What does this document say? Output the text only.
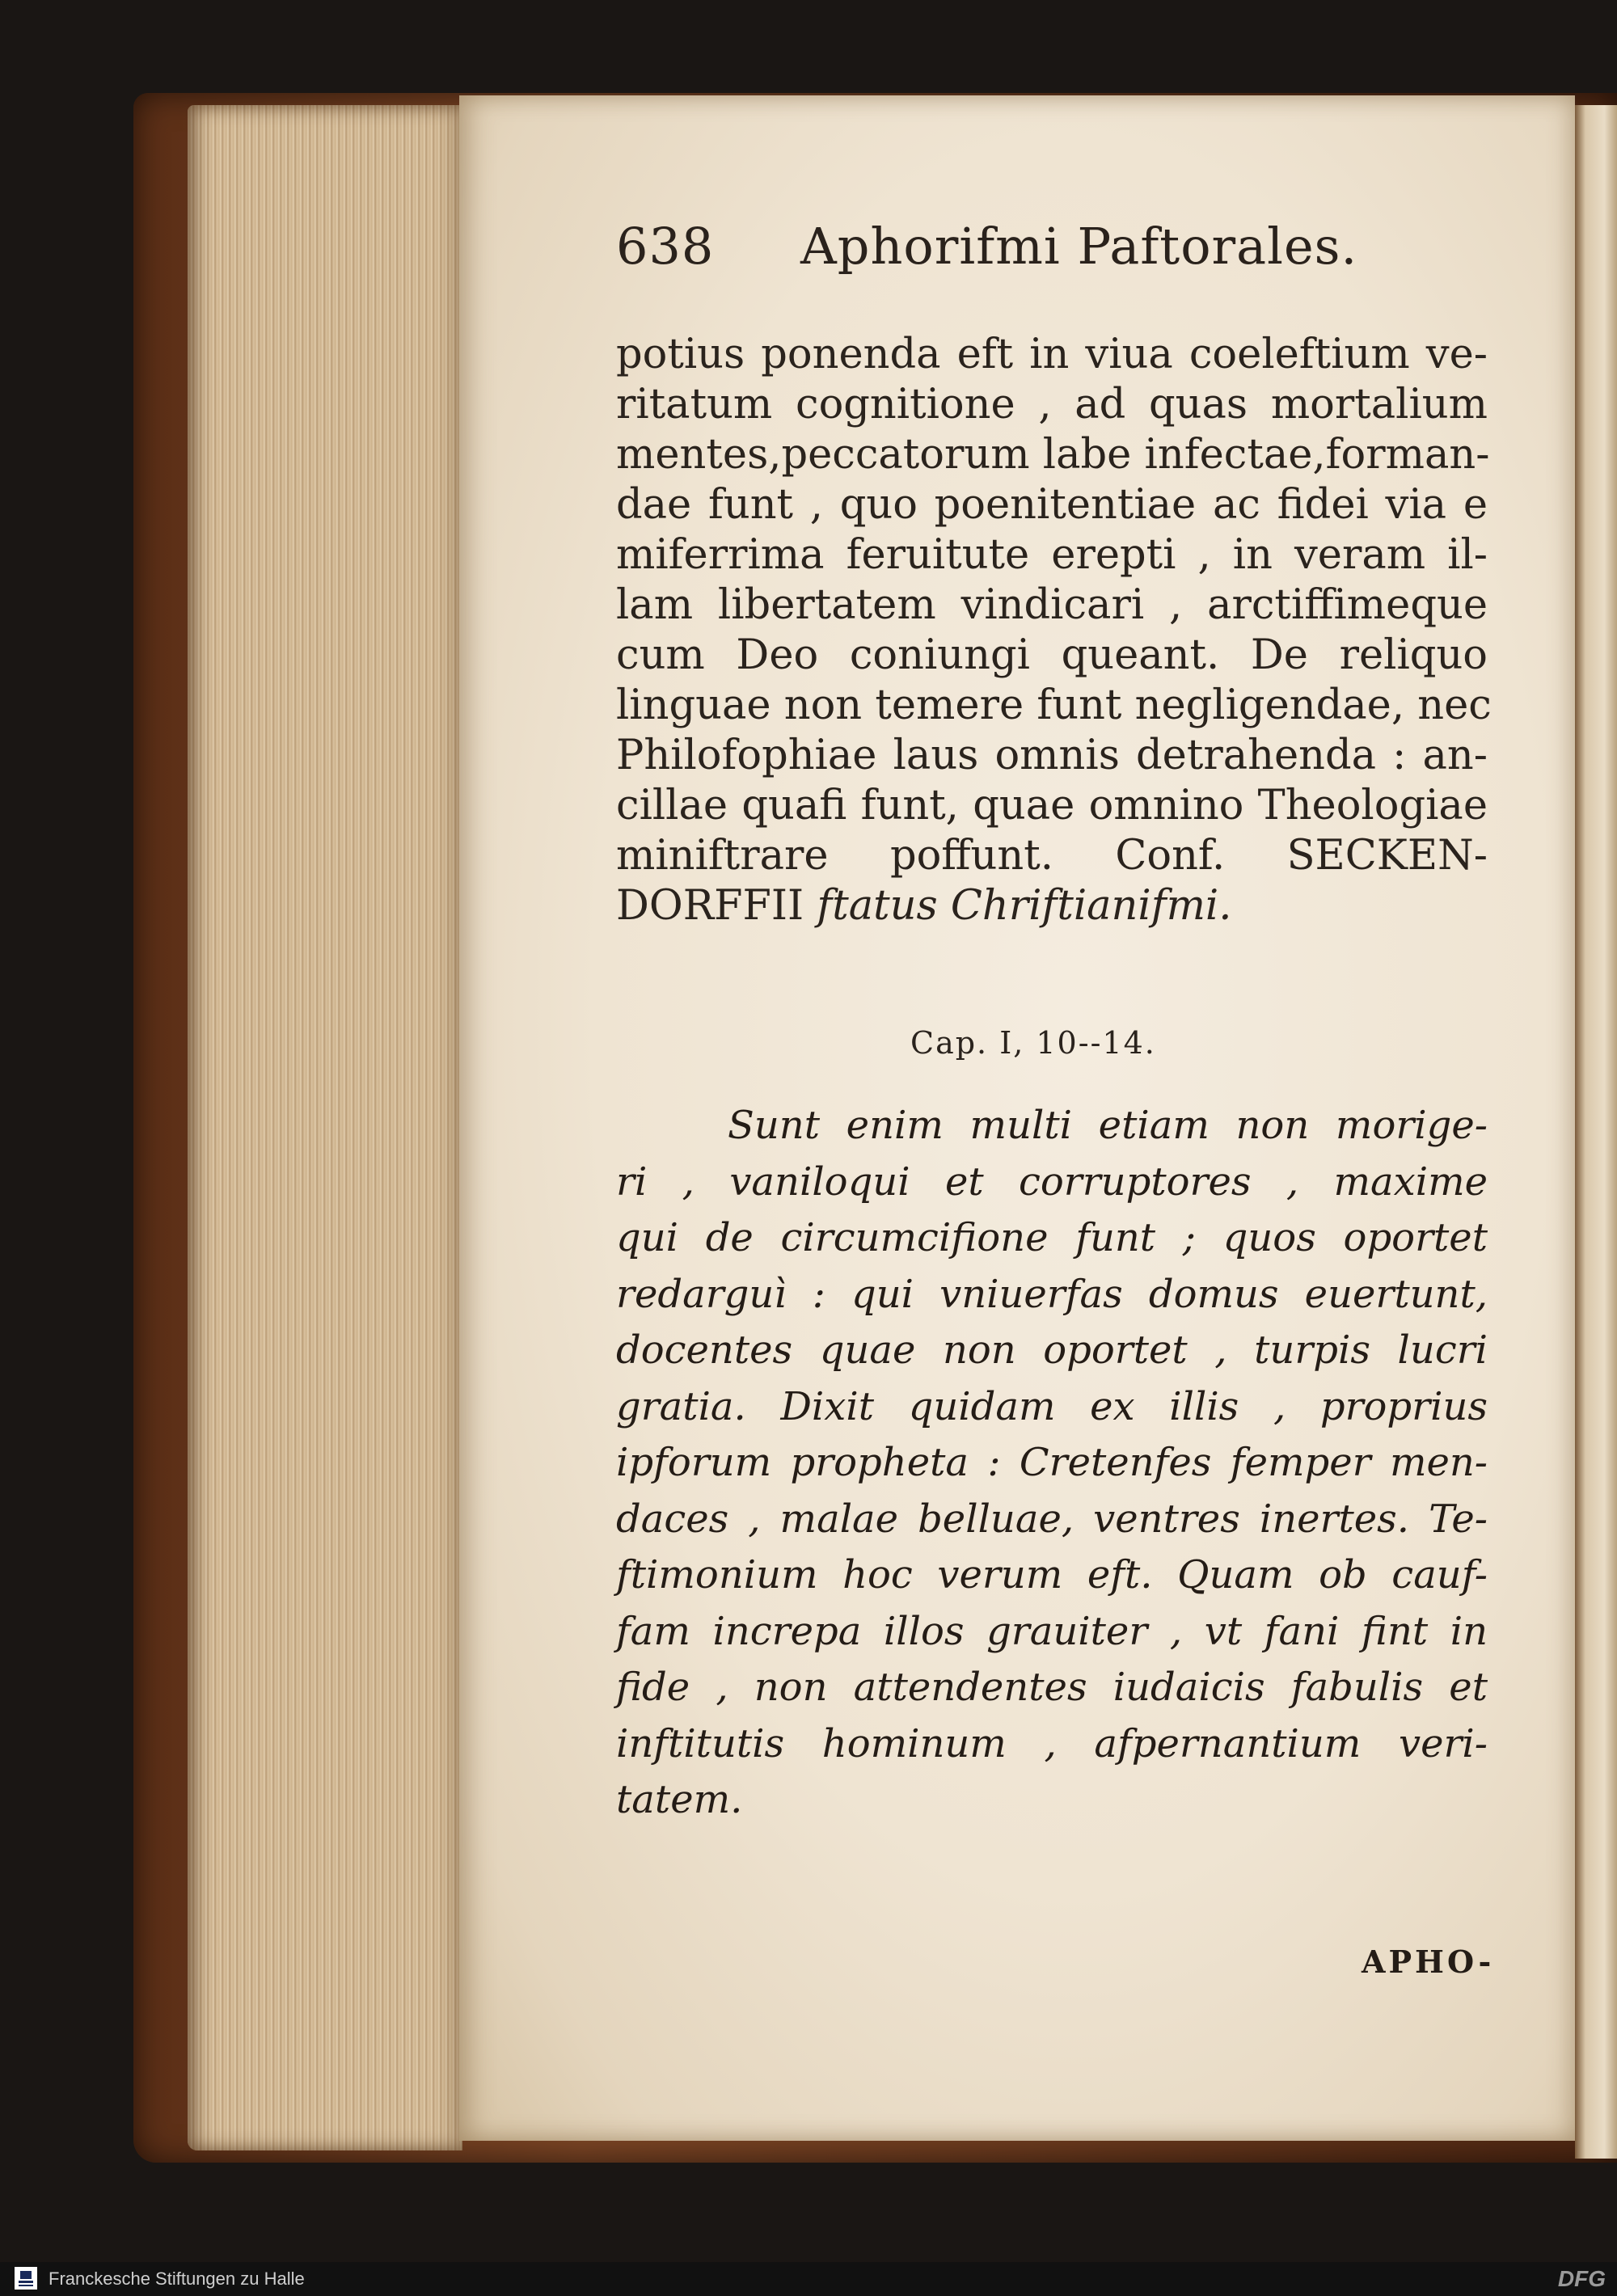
638 Aphorifmi Paftorales.
potius ponenda eft in viua coeleftium ve-
ritatum cognitione , ad quas mortalium
mentes,peccatorum labe infectae,forman-
dae funt , quo poenitentiae ac fidei via e
miferrima feruitute erepti , in veram il-
lam libertatem vindicari , arctiffimeque
cum Deo coniungi queant. De reliquo
linguae non temere funt negligendae, nec
Philofophiae laus omnis detrahenda : an-
cillae quafi funt, quae omnino Theologiae
miniftrare poffunt. Conf. SECKEN-
DORFFII ftatus Chriftianifmi.
Cap. I, 10--14.
Sunt enim multi etiam non morige-
ri , vaniloqui et corruptores , maxime
qui de circumcifione funt ; quos oportet
redarguì : qui vniuerfas domus euertunt,
docentes quae non oportet , turpis lucri
gratia. Dixit quidam ex illis , proprius
ipforum propheta : Cretenfes femper men-
daces , malae belluae, ventres inertes. Te-
ftimonium hoc verum eft. Quam ob cauf-
fam increpa illos grauiter , vt fani fint in
fide , non attendentes iudaicis fabulis et
inftitutis hominum , afpernantium veri-
tatem.
APHO-
Franckesche Stiftungen zu Halle	DFG
